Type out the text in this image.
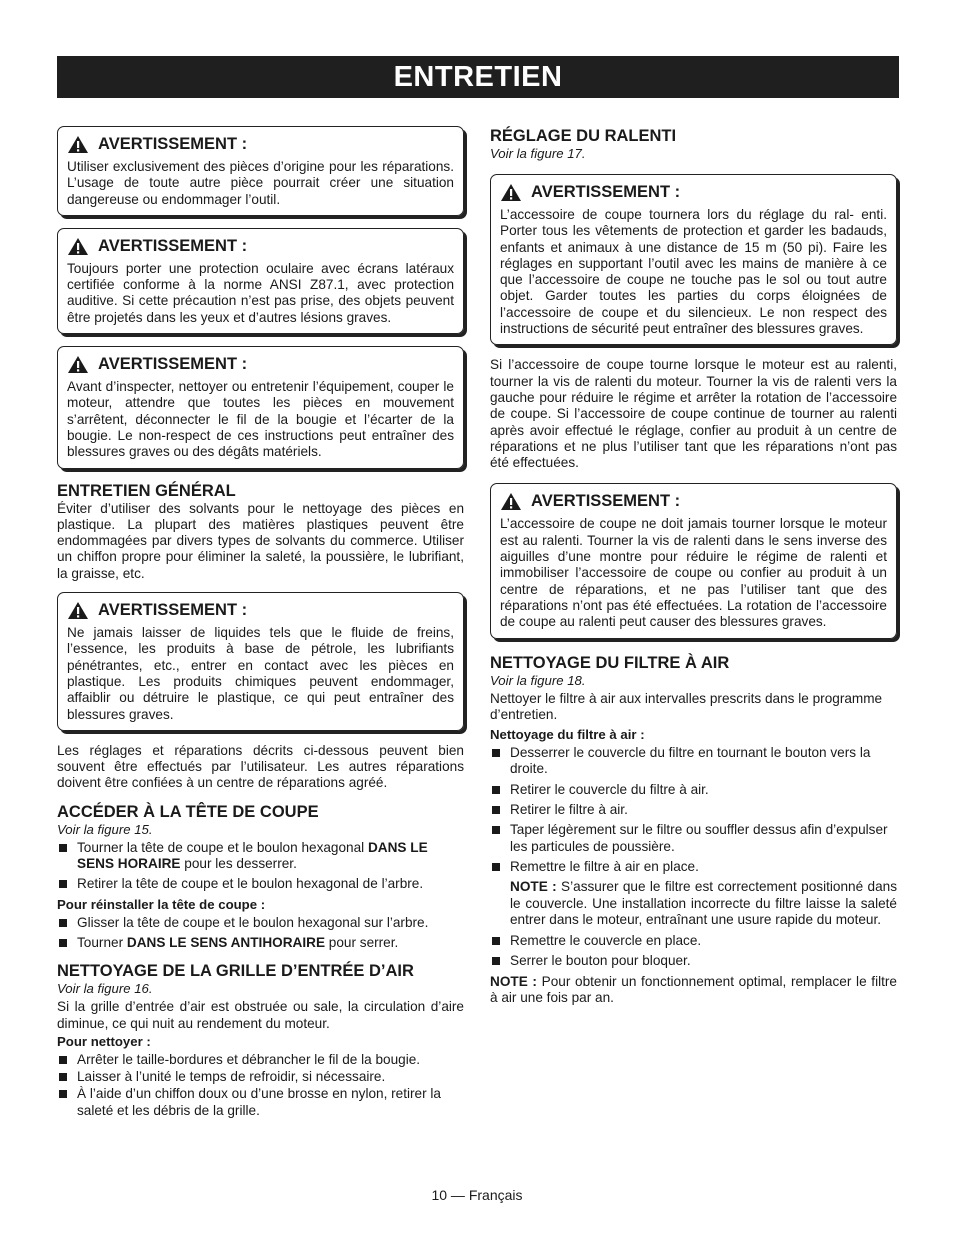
ENTRETIEN
AVERTISSEMENT :
Utiliser exclusivement des pièces d’origine pour les réparations. L’usage de toute autre pièce pourrait créer une situation dangereuse ou endommager l’outil.
AVERTISSEMENT :
Toujours porter une protection oculaire avec écrans latéraux certifiée conforme à la norme ANSI Z87.1, avec protection auditive. Si cette précaution n’est pas prise, des objets peuvent être projetés dans les yeux et d’autres lésions graves.
AVERTISSEMENT :
Avant d’inspecter, nettoyer ou entretenir l’équipement, couper le moteur, attendre que toutes les pièces en mouvement s’arrêtent, déconnecter le fil de la bougie et l’écarter de la bougie. Le non-respect de ces instructions peut entraîner des blessures graves ou des dégâts matériels.
ENTRETIEN GÉNÉRAL

Éviter d’utiliser des solvants pour le nettoyage des pièces en plastique. La plupart des matières plastiques peuvent être endommagées par divers types de solvants du commerce. Utiliser un chiffon propre pour éliminer la saleté, la poussière, le lubrifiant, la graisse, etc.

AVERTISSEMENT :
Ne jamais laisser de liquides tels que le fluide de freins, l’essence, les produits à base de pétrole, les lubrifiants pénétrantes, etc., entrer en contact avec les pièces en plastique. Les produits chimiques peuvent endommager, affaiblir ou détruire le plastique, ce qui peut entraîner des blessures graves.

Les réglages et réparations décrits ci-dessous peuvent bien souvent être effectués par l’utilisateur. Les autres réparations doivent être confiées à un centre de réparations agréé.

ACCÉDER À LA TÊTE DE COUPE
Voir la figure 15.
Tourner la tête de coupe et le boulon hexagonal DANS LE SENS HORAIRE pour les desserrer.
Retirer la tête de coupe et le boulon hexagonal de l’arbre.
Pour réinstaller la tête de coupe :
Glisser la tête de coupe et le boulon hexagonal sur l’arbre.
Tourner DANS LE SENS ANTIHORAIRE pour serrer.
NETTOYAGE DE LA GRILLE D’ENTRÉE D’AIR
Voir la figure 16.

Si la grille d’entrée d’air est obstruée ou sale, la circulation d’aire diminue, ce qui nuit au rendement du moteur.

Pour nettoyer :
Arrêter le taille-bordures et débrancher le fil de la bougie.
Laisser à l’unité le temps de refroidir, si nécessaire.
À l’aide d’un chiffon doux ou d’une brosse en nylon, retirer la saleté et les débris de la grille.
RÉGLAGE DU RALENTI
Voir la figure 17.
AVERTISSEMENT :
L’accessoire de coupe tournera lors du réglage du ral- enti. Porter tous les vêtements de protection et garder les badauds, enfants et animaux à une distance de 15 m (50 pi). Faire les réglages en supportant l’outil avec les mains de manière à ce que l’accessoire de coupe ne touche pas le sol ou tout autre objet. Garder toutes les parties du corps éloignées de l’accessoire de coupe et du silencieux. Le non respect des instructions de sécurité peut entraîner des blessures graves.

Si l’accessoire de coupe tourne lorsque le moteur est au ralenti, tourner la vis de ralenti du moteur. Tourner la vis de ralenti vers la gauche pour réduire le régime et arrêter la rotation de l’accessoire de coupe. Si l’accessoire de coupe continue de tourner au ralenti après avoir effectué le réglage, confier au produit à un centre de réparations et ne plus l’utiliser tant que les réparations n’ont pas été effectuées.

AVERTISSEMENT :
L’accessoire de coupe ne doit jamais tourner lorsque le moteur est au ralenti. Tourner la vis de ralenti dans le sens inverse des aiguilles d’une montre pour réduire le régime de ralenti et immobiliser l’accessoire de coupe ou confier au produit à un centre de réparations, et ne pas l’utiliser tant que des réparations n’ont pas été effectuées. La rotation de l’accessoire de coupe au ralenti peut causer des blessures graves.
NETTOYAGE DU FILTRE À AIR
Voir la figure 18.

Nettoyer le filtre à air aux intervalles prescrits dans le programme d’entretien.

Nettoyage du filtre à air :
Desserrer le couvercle du filtre en tournant le bouton vers la droite.
Retirer le couvercle du filtre à air.
Retirer le filtre à air.
Taper légèrement sur le filtre ou souffler dessus afin d’expulser les particules de poussière.
Remettre le filtre à air en place.
NOTE : S’assurer que le filtre est correctement positionné dans le couvercle. Une installation incorrecte du filtre laisse la saleté entrer dans le moteur, entraînant une usure rapide du moteur.
Remettre le couvercle en place.
Serrer le bouton pour bloquer.

NOTE : Pour obtenir un fonctionnement optimal, remplacer le filtre à air une fois par an.

10 — Français
